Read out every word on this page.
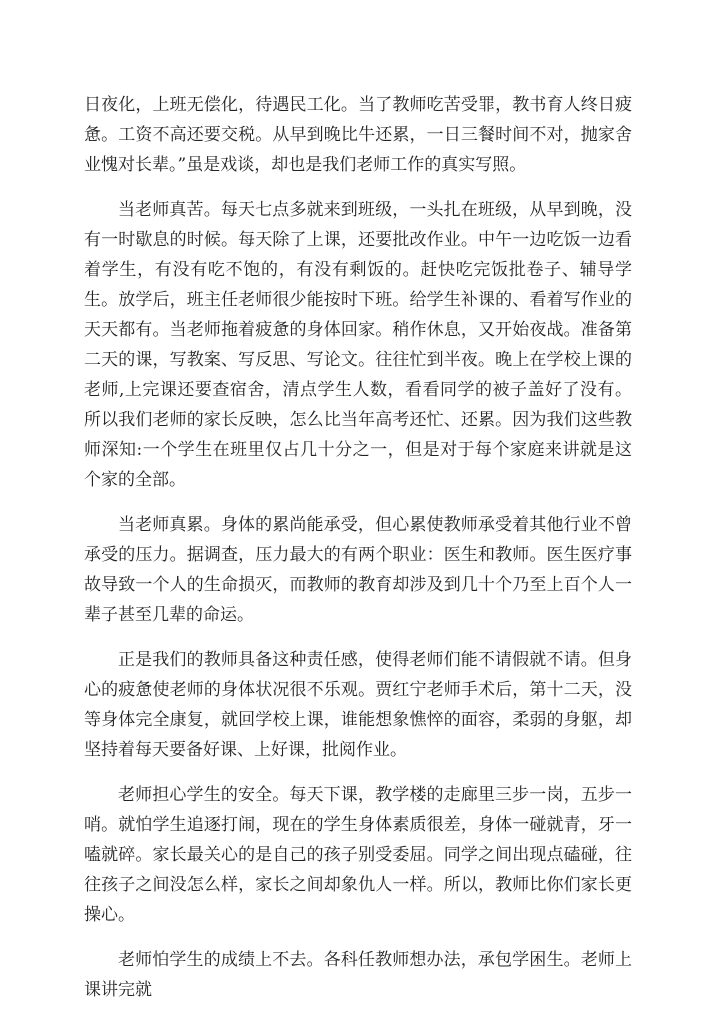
日夜化，上班无偿化，待遇民工化。当了教师吃苦受罪，教书育人终日疲惫。工资不高还要交税。从早到晚比牛还累，一日三餐时间不对，抛家舍业愧对长辈。”虽是戏谈，却也是我们老师工作的真实写照。

当老师真苦。每天七点多就来到班级，一头扎在班级，从早到晚，没有一时歇息的时候。每天除了上课，还要批改作业。中午一边吃饭一边看着学生，有没有吃不饱的，有没有剩饭的。赶快吃完饭批卷子、辅导学生。放学后，班主任老师很少能按时下班。给学生补课的、看着写作业的天天都有。当老师拖着疲惫的身体回家。稍作休息，又开始夜战。准备第二天的课，写教案、写反思、写论文。往往忙到半夜。晚上在学校上课的老师,上完课还要查宿舍，清点学生人数，看看同学的被子盖好了没有。所以我们老师的家长反映，怎么比当年高考还忙、还累。因为我们这些教师深知:一个学生在班里仅占几十分之一，但是对于每个家庭来讲就是这个家的全部。

当老师真累。身体的累尚能承受，但心累使教师承受着其他行业不曾承受的压力。据调查，压力最大的有两个职业：医生和教师。医生医疗事故导致一个人的生命损灭，而教师的教育却涉及到几十个乃至上百个人一辈子甚至几辈的命运。

正是我们的教师具备这种责任感，使得老师们能不请假就不请。但身心的疲惫使老师的身体状况很不乐观。贾红宁老师手术后，第十二天，没等身体完全康复，就回学校上课，谁能想象憔悴的面容，柔弱的身躯，却坚持着每天要备好课、上好课，批阅作业。

老师担心学生的安全。每天下课，教学楼的走廊里三步一岗，五步一哨。就怕学生追逐打闹，现在的学生身体素质很差，身体一碰就青，牙一嗑就碎。家长最关心的是自己的孩子别受委屈。同学之间出现点磕碰，往往孩子之间没怎么样，家长之间却象仇人一样。所以，教师比你们家长更操心。

老师怕学生的成绩上不去。各科任教师想办法，承包学困生。老师上课讲完就
